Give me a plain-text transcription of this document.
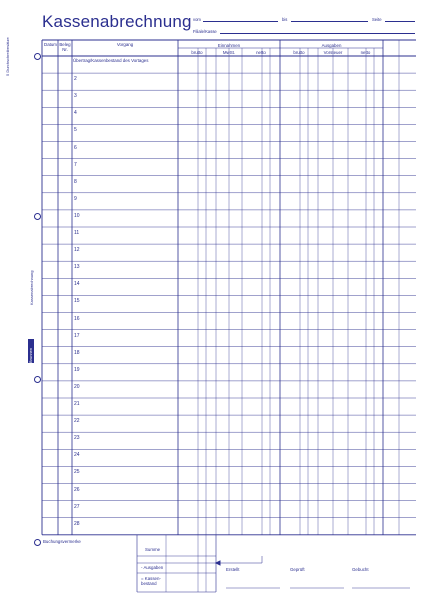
Kassenabrechnung vom	bis	Seite
Filiale/Kasse
5 Durchschreibesätze
Kassenabrechnung
Brunnen
Datum Beleg Nr.
Vorgang	Einnahmen	Ausgaben
brutto	MwSt.	netto	brutto	Vorsteuer	netto
Übertrag/Kassenbestand des Vortages
2
3
4
5
6
7
8
9
10
11
12
13
14
15
16
17
18
19
20
21
22
23
24
25
26
27
28
Buchungsvermerke
Summe
- Ausgaben
= Kassen-
bestand
Erstellt	Geprüft	Gebucht
